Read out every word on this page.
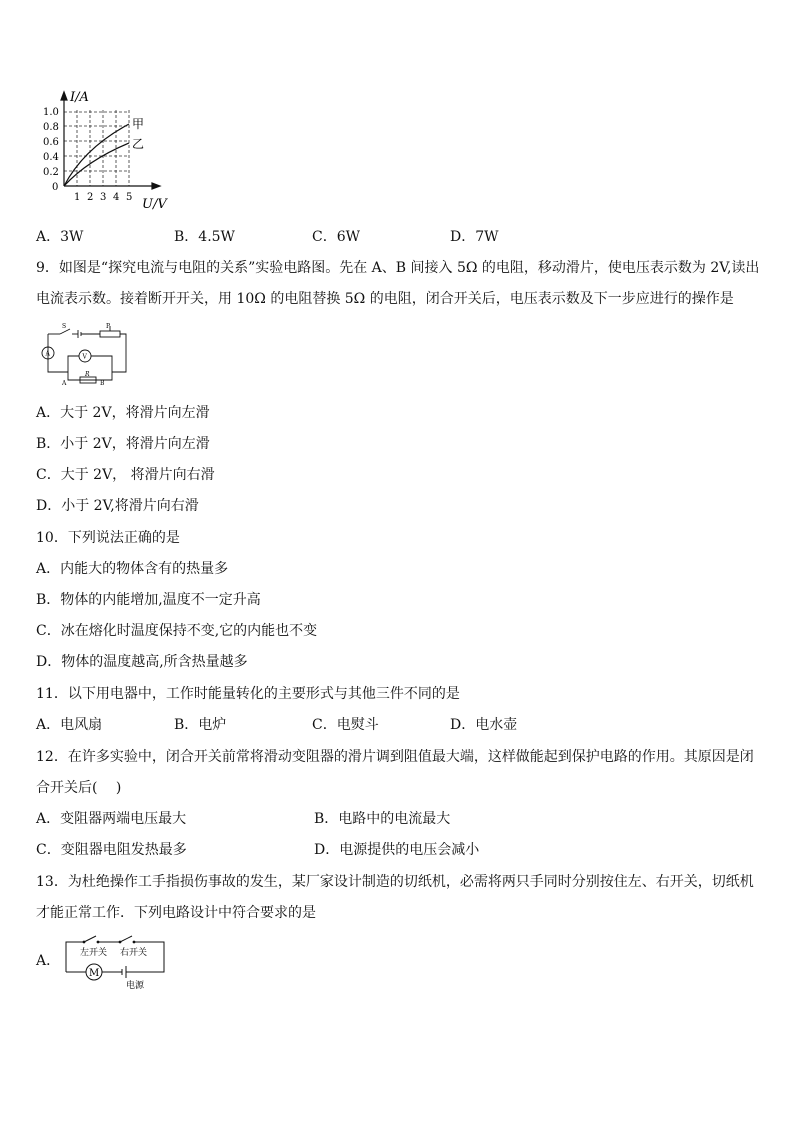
I/A
甲
乙
1.0
0.8
0.6
0.4
0.2
0
1 2 3 4 5 U/V
A．3W	B．4.5W	C．6W	D．7W
9．如图是“探究电流与电阻的关系”实验电路图。先在 A、B 间接入 5Ω 的电阻，移动滑片，使电压表示数为 2V,读出
电流表示数。接着断开开关，用 10Ω 的电阻替换 5Ω 的电阻，闭合开关后，电压表示数及下一步应进行的操作是
S	P
A	V
R
A	B
A．大于 2V，将滑片向左滑
B．小于 2V，将滑片向左滑
C．大于 2V， 将滑片向右滑
D．小于 2V,将滑片向右滑
10．下列说法正确的是
A．内能大的物体含有的热量多
B．物体的内能增加,温度不一定升高
C．冰在熔化时温度保持不变,它的内能也不变
D．物体的温度越高,所含热量越多
11．以下用电器中，工作时能量转化的主要形式与其他三件不同的是
A．电风扇	B．电炉	C．电熨斗	D．电水壶
12．在许多实验中，闭合开关前常将滑动变阻器的滑片调到阻值最大端，这样做能起到保护电路的作用。其原因是闭
合开关后(　 )
A．变阻器两端电压最大	B．电路中的电流最大
C．变阻器电阻发热最多	D．电源提供的电压会减小
13．为杜绝操作工手指损伤事故的发生，某厂家设计制造的切纸机，必需将两只手同时分别按住左、右开关，切纸机
才能正常工作．下列电路设计中符合要求的是
A． 左开关 右开关
M
电源
